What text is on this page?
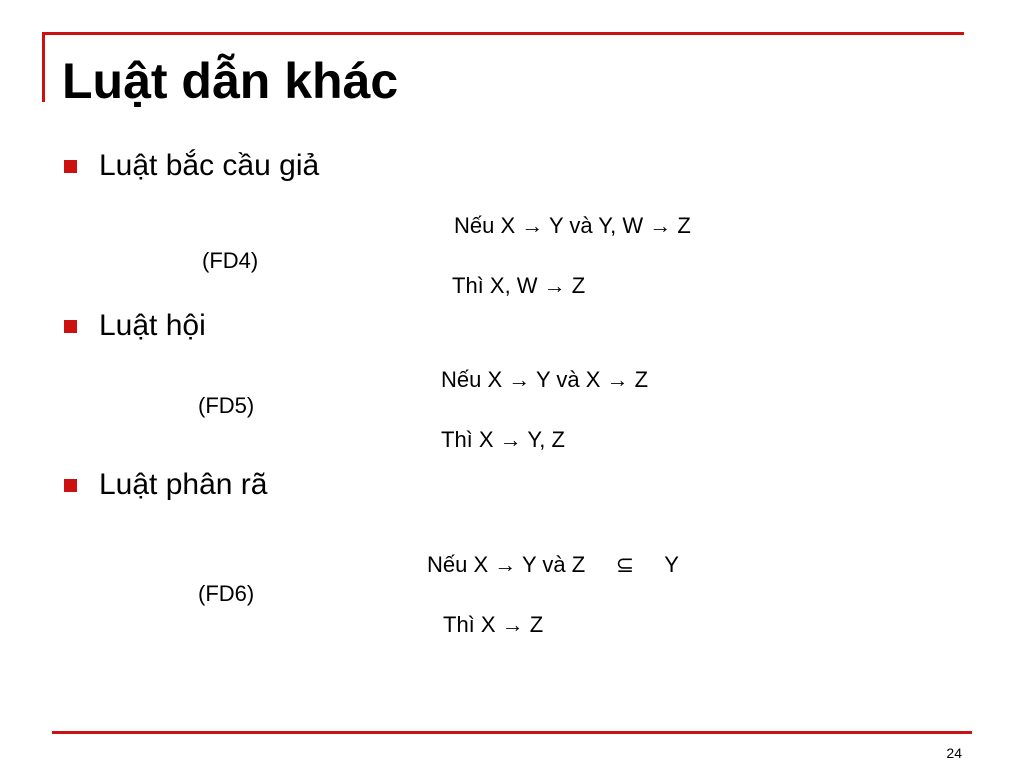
Luật dẫn khác
Luật bắc cầu giả
Nếu X → Y và Y, W → Z
(FD4)
Thì X, W → Z
Luật hội
Nếu X → Y và X → Z
(FD5)
Thì X → Y, Z
Luật phân rã
Nếu X → Y và Z     ⊆     Y
(FD6)
Thì X → Z
24
